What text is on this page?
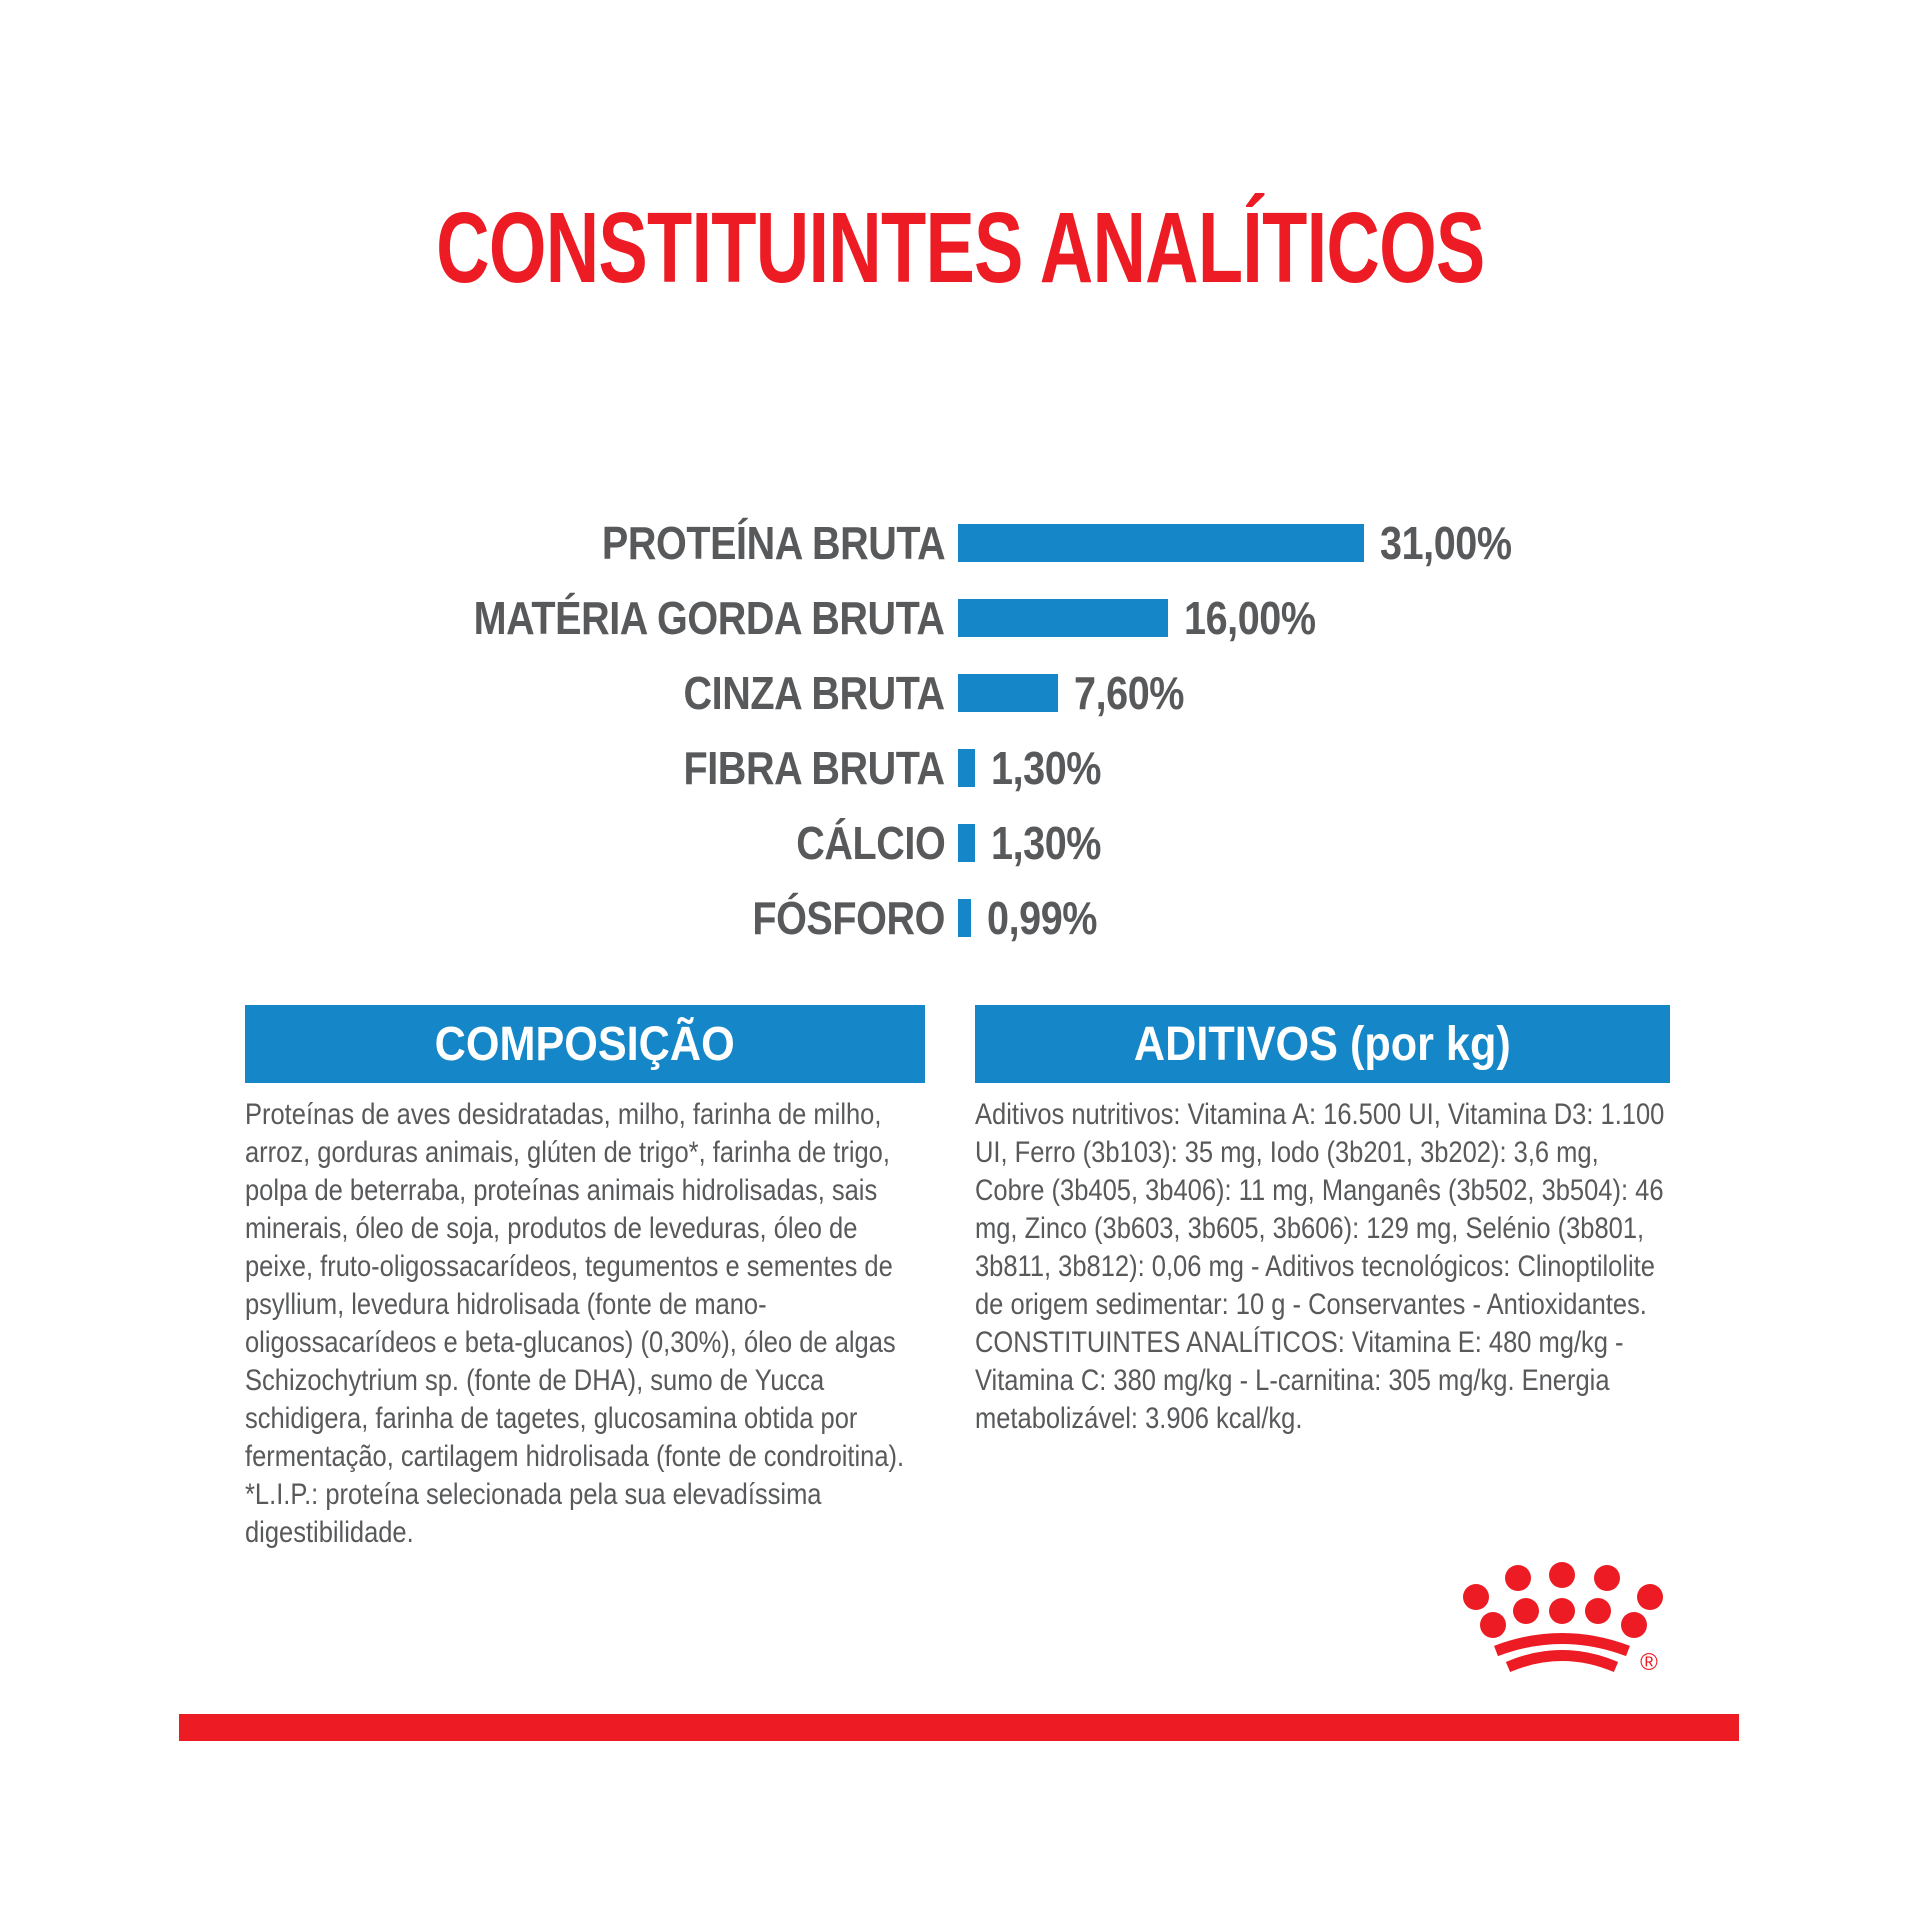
CONSTITUINTES ANALÍTICOS
PROTEÍNA BRUTA	31,00%
MATÉRIA GORDA BRUTA	16,00%
CINZA BRUTA	7,60%
FIBRA BRUTA 1,30%
CÁLCIO 1,30%
FÓSFORO 0,99%
COMPOSIÇÃO	ADITIVOS (por kg)
Proteínas de aves desidratadas, milho, farinha de milho, arroz, gorduras animais, glúten de trigo*, farinha de trigo, polpa de beterraba, proteínas animais hidrolisadas, sais minerais, óleo de soja, produtos de leveduras, óleo de peixe, fruto-oligossacarídeos, tegumentos e sementes de psyllium, levedura hidrolisada (fonte de mano-oligossacarídeos e beta-glucanos) (0,30%), óleo de algas Schizochytrium sp. (fonte de DHA), sumo de Yucca schidigera, farinha de tagetes, glucosamina obtida por fermentação, cartilagem hidrolisada (fonte de condroitina). *L.I.P.: proteína selecionada pela sua elevadíssima digestibilidade.
Aditivos nutritivos: Vitamina A: 16.500 UI, Vitamina D3: 1.100 UI, Ferro (3b103): 35 mg, Iodo (3b201, 3b202): 3,6 mg, Cobre (3b405, 3b406): 11 mg, Manganês (3b502, 3b504): 46 mg, Zinco (3b603, 3b605, 3b606): 129 mg, Selénio (3b801, 3b811, 3b812): 0,06 mg - Aditivos tecnológicos: Clinoptilolite de origem sedimentar: 10 g - Conservantes - Antioxidantes. CONSTITUINTES ANALÍTICOS: Vitamina E: 480 mg/kg - Vitamina C: 380 mg/kg - L-carnitina: 305 mg/kg. Energia metabolizável: 3.906 kcal/kg.
®
